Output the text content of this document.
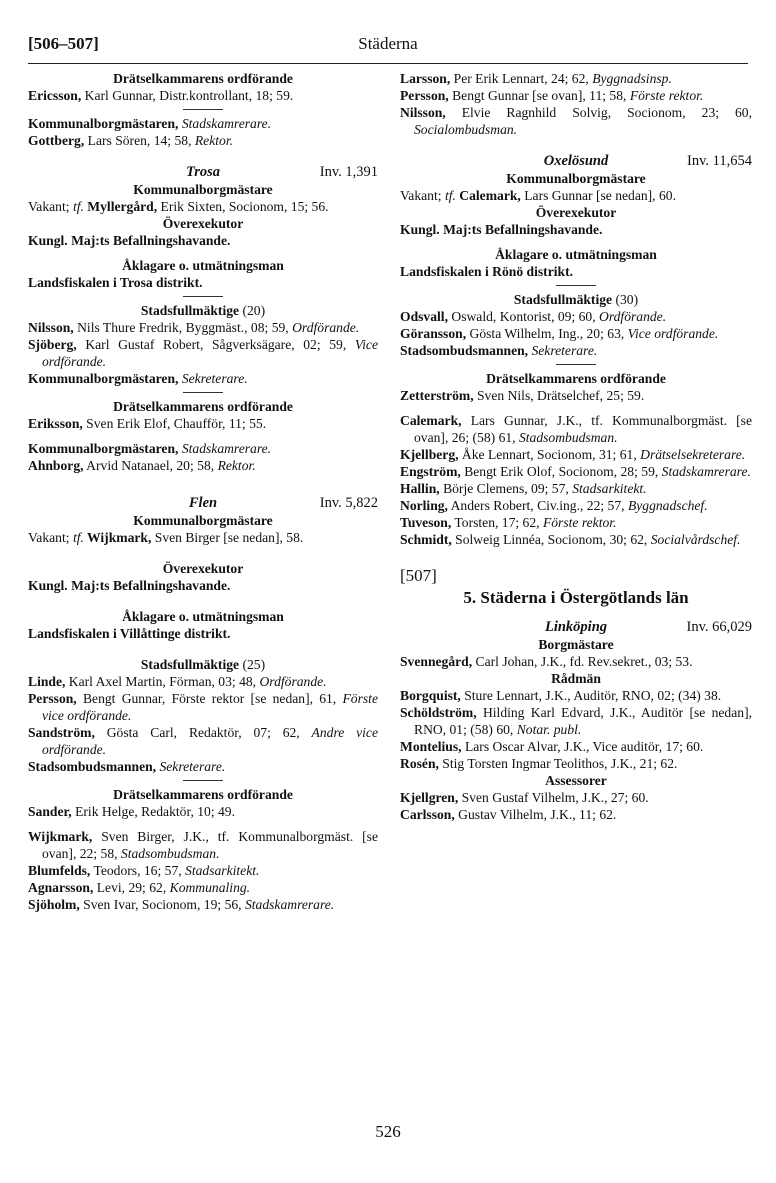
Städerna
[506–507]
Drätselkammarens ordförande

Ericsson, Karl Gunnar, Distr.kontrollant, 18; 59.

Kommunalborgmästaren, Stadskamrerare.

Gottberg, Lars Sören, 14; 58, Rektor.

Trosa	Inv. 1,391
Kommunalborgmästare

Vakant; tf. Myllergård, Erik Sixten, Socionom, 15; 56.

Överexekutor

Kungl. Maj:ts Befallningshavande.

Åklagare o. utmätningsman

Landsfiskalen i Trosa distrikt.

Stadsfullmäktige (20)

Nilsson, Nils Thure Fredrik, Byggmäst., 08; 59, Ordförande.

Sjöberg, Karl Gustaf Robert, Sågverksägare, 02; 59, Vice ordförande.

Kommunalborgmästaren, Sekreterare.

Drätselkammarens ordförande

Eriksson, Sven Erik Elof, Chaufför, 11; 55.

Kommunalborgmästaren, Stadskamrerare.

Ahnborg, Arvid Natanael, 20; 58, Rektor.

Flen	Inv. 5,822
Kommunalborgmästare

Vakant; tf. Wijkmark, Sven Birger [se nedan], 58.

Överexekutor

Kungl. Maj:ts Befallningshavande.

Åklagare o. utmätningsman

Landsfiskalen i Villåttinge distrikt.

Stadsfullmäktige (25)

Linde, Karl Axel Martin, Förman, 03; 48, Ordförande.

Persson, Bengt Gunnar, Förste rektor [se nedan], 61, Förste vice ordförande.

Sandström, Gösta Carl, Redaktör, 07; 62, Andre vice ordförande.

Stadsombudsmannen, Sekreterare.

Drätselkammarens ordförande

Sander, Erik Helge, Redaktör, 10; 49.

Wijkmark, Sven Birger, J.K., tf. Kommunalborgmäst. [se ovan], 22; 58, Stadsombudsman.

Blumfelds, Teodors, 16; 57, Stadsarkitekt.

Agnarsson, Levi, 29; 62, Kommunaling.

Sjöholm, Sven Ivar, Socionom, 19; 56, Stadskamrerare.

Larsson, Per Erik Lennart, 24; 62, Byggnadsinsp.

Persson, Bengt Gunnar [se ovan], 11; 58, Förste rektor.

Nilsson, Elvie Ragnhild Solvig, Socionom, 23; 60, Socialombudsman.

Oxelösund	Inv. 11,654
Kommunalborgmästare

Vakant; tf. Calemark, Lars Gunnar [se nedan], 60.

Överexekutor

Kungl. Maj:ts Befallningshavande.

Åklagare o. utmätningsman

Landsfiskalen i Rönö distrikt.

Stadsfullmäktige (30)

Odsvall, Oswald, Kontorist, 09; 60, Ordförande.

Göransson, Gösta Wilhelm, Ing., 20; 63, Vice ordförande.

Stadsombudsmannen, Sekreterare.

Drätselkammarens ordförande

Zetterström, Sven Nils, Drätselchef, 25; 59.

Calemark, Lars Gunnar, J.K., tf. Kommunalborgmäst. [se ovan], 26; (58) 61, Stadsombudsman.

Kjellberg, Åke Lennart, Socionom, 31; 61, Drätselsekreterare.

Engström, Bengt Erik Olof, Socionom, 28; 59, Stadskamrerare.

Hallin, Börje Clemens, 09; 57, Stadsarkitekt.

Norling, Anders Robert, Civ.ing., 22; 57, Byggnadschef.

Tuveson, Torsten, 17; 62, Förste rektor.

Schmidt, Solweig Linnéa, Socionom, 30; 62, Socialvårdschef.

[507]
5. Städerna i Östergötlands län
Linköping	Inv. 66,029
Borgmästare

Svennegård, Carl Johan, J.K., fd. Rev.sekret., 03; 53.

Rådmän

Borgquist, Sture Lennart, J.K., Auditör, RNO, 02; (34) 38.

Schöldström, Hilding Karl Edvard, J.K., Auditör [se nedan], RNO, 01; (58) 60, Notar. publ.

Montelius, Lars Oscar Alvar, J.K., Vice auditör, 17; 60.

Rosén, Stig Torsten Ingmar Teolithos, J.K., 21; 62.

Assessorer

Kjellgren, Sven Gustaf Vilhelm, J.K., 27; 60.

Carlsson, Gustav Vilhelm, J.K., 11; 62.

526
